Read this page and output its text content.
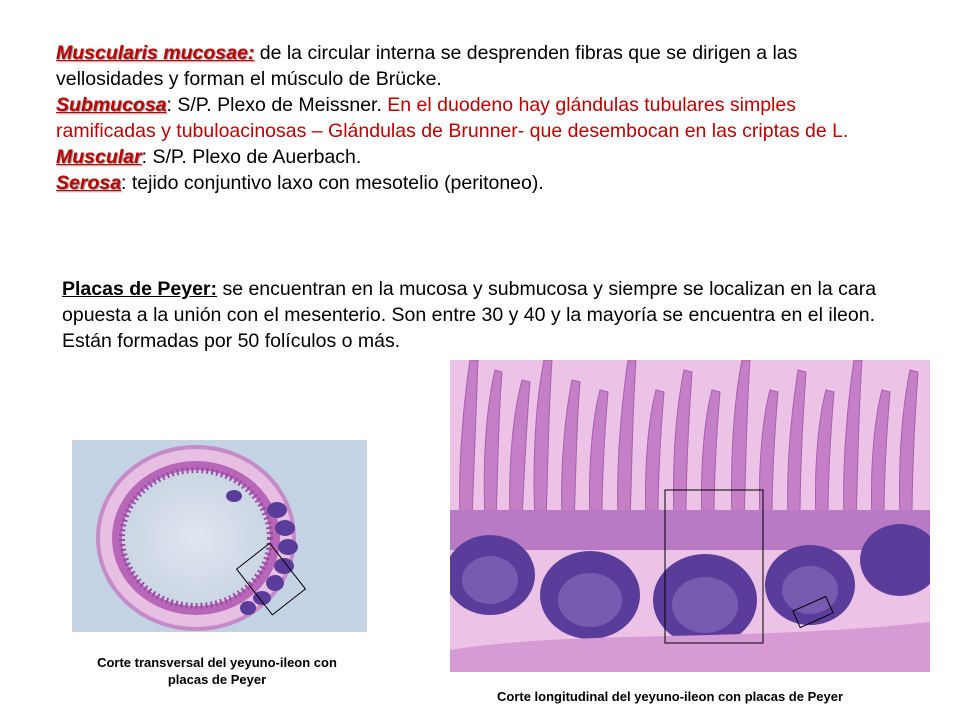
Muscularis mucosae: de la circular interna se desprenden fibras que se dirigen a las vellosidades y forman el músculo de Brücke.
Submucosa: S/P. Plexo de Meissner. En el duodeno hay glándulas tubulares simples ramificadas y tubuloacinosas – Glándulas de Brunner- que desembocan en las criptas de L.
Muscular: S/P. Plexo de Auerbach.
Serosa: tejido conjuntivo laxo con mesotelio (peritoneo).
Placas de Peyer: se encuentran en la mucosa y submucosa y siempre se localizan en la cara opuesta a la unión con el mesenterio. Son entre 30 y 40 y la mayoría se encuentra en el ileon. Están formadas por 50 folículos o más.
Corte transversal del yeyuno-ileon con placas de Peyer
Corte longitudinal del yeyuno-ileon con placas de Peyer
